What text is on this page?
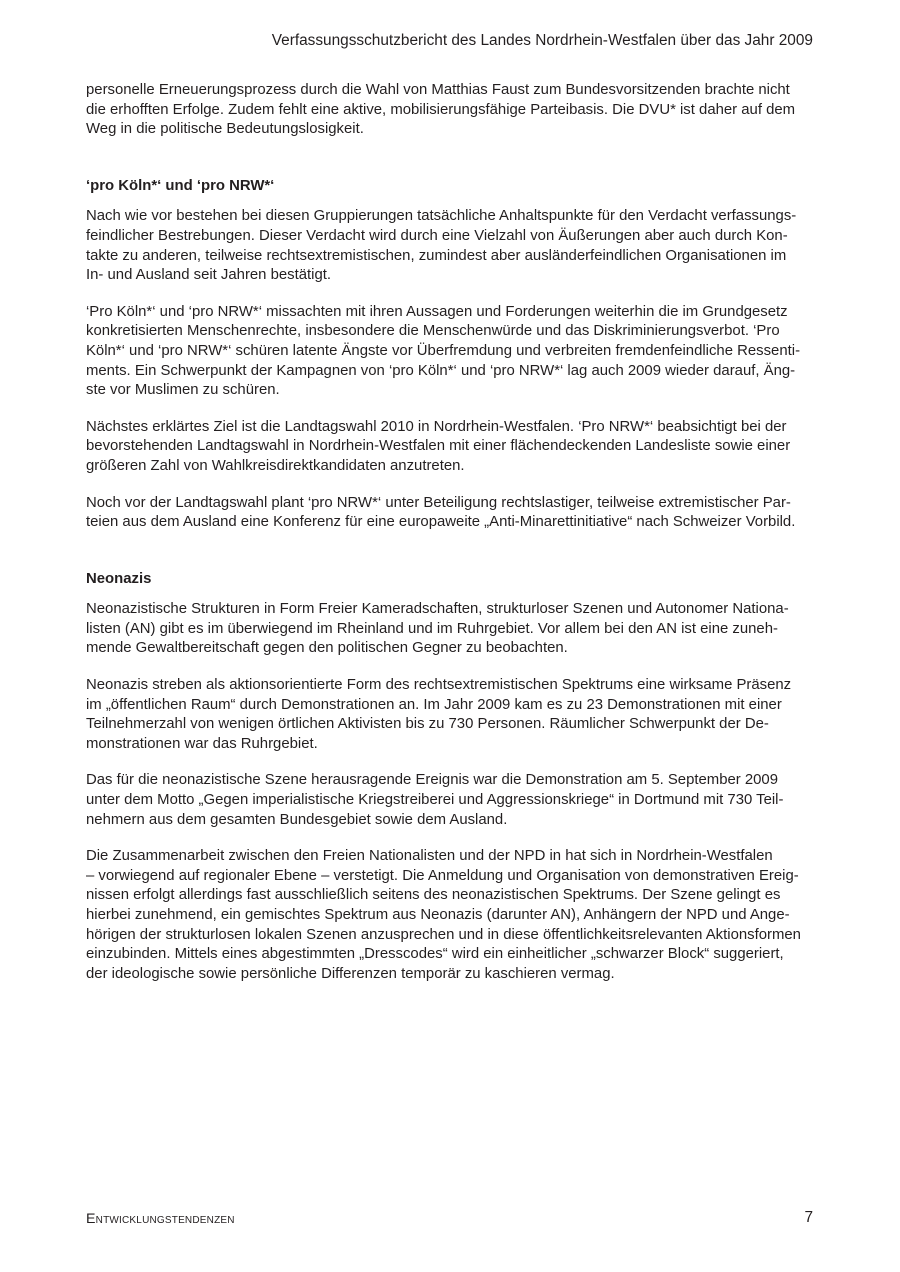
Verfassungsschutzbericht des Landes Nordrhein-Westfalen über das Jahr 2009

personelle Erneuerungsprozess durch die Wahl von Matthias Faust zum Bundesvorsitzenden brachte nicht
die erhofften Erfolge. Zudem fehlt eine aktive, mobilisierungsfähige Parteibasis. Die DVU* ist daher auf dem
Weg in die politische Bedeutungslosigkeit.

‘pro Köln*‘ und ‘pro NRW*‘

Nach wie vor bestehen bei diesen Gruppierungen tatsächliche Anhaltspunkte für den Verdacht verfassungs-
feindlicher Bestrebungen. Dieser Verdacht wird durch eine Vielzahl von Äußerungen aber auch durch Kon-
takte zu anderen, teilweise rechtsextremistischen, zumindest aber ausländerfeindlichen Organisationen im
In- und Ausland seit Jahren bestätigt.

‘Pro Köln*‘ und ‘pro NRW*‘ missachten mit ihren Aussagen und Forderungen weiterhin die im Grundgesetz
konkretisierten Menschenrechte, insbesondere die Menschenwürde und das Diskriminierungsverbot. ‘Pro
Köln*‘ und ‘pro NRW*‘ schüren latente Ängste vor Überfremdung und verbreiten fremdenfeindliche Ressenti-
ments. Ein Schwerpunkt der Kampagnen von ‘pro Köln*‘ und ‘pro NRW*‘ lag auch 2009 wieder darauf, Äng-
ste vor Muslimen zu schüren.

Nächstes erklärtes Ziel ist die Landtagswahl 2010 in Nordrhein-Westfalen. ‘Pro NRW*‘ beabsichtigt bei der
bevorstehenden Landtagswahl in Nordrhein-Westfalen mit einer flächendeckenden Landesliste sowie einer
größeren Zahl von Wahlkreisdirektkandidaten anzutreten.

Noch vor der Landtagswahl plant ‘pro NRW*‘ unter Beteiligung rechtslastiger, teilweise extremistischer Par-
teien aus dem Ausland eine Konferenz für eine europaweite „Anti-Minarettinitiative“ nach Schweizer Vorbild.

Neonazis

Neonazistische Strukturen in Form Freier Kameradschaften, strukturloser Szenen und Autonomer Nationa-
listen (AN) gibt es im überwiegend im Rheinland und im Ruhrgebiet. Vor allem bei den AN ist eine zuneh-
mende Gewaltbereitschaft gegen den politischen Gegner zu beobachten.

Neonazis streben als aktionsorientierte Form des rechtsextremistischen Spektrums eine wirksame Präsenz
im „öffentlichen Raum“ durch Demonstrationen an. Im Jahr 2009 kam es zu 23 Demonstrationen mit einer
Teilnehmerzahl von wenigen örtlichen Aktivisten bis zu 730 Personen. Räumlicher Schwerpunkt der De-
monstrationen war das Ruhrgebiet.

Das für die neonazistische Szene herausragende Ereignis war die Demonstration am 5. September 2009
unter dem Motto „Gegen imperialistische Kriegstreiberei und Aggressionskriege“ in Dortmund mit 730 Teil-
nehmern aus dem gesamten Bundesgebiet sowie dem Ausland.

Die Zusammenarbeit zwischen den Freien Nationalisten und der NPD in hat sich in Nordrhein-Westfalen
– vorwiegend auf regionaler Ebene – verstetigt. Die Anmeldung und Organisation von demonstrativen Ereig-
nissen erfolgt allerdings fast ausschließlich seitens des neonazistischen Spektrums. Der Szene gelingt es
hierbei zunehmend, ein gemischtes Spektrum aus Neonazis (darunter AN), Anhängern der NPD und Ange-
hörigen der strukturlosen lokalen Szenen anzusprechen und in diese öffentlichkeitsrelevanten Aktionsformen
einzubinden. Mittels eines abgestimmten „Dresscodes“ wird ein einheitlicher „schwarzer Block“ suggeriert,
der ideologische sowie persönliche Differenzen temporär zu kaschieren vermag.

Entwicklungstendenzen	7
